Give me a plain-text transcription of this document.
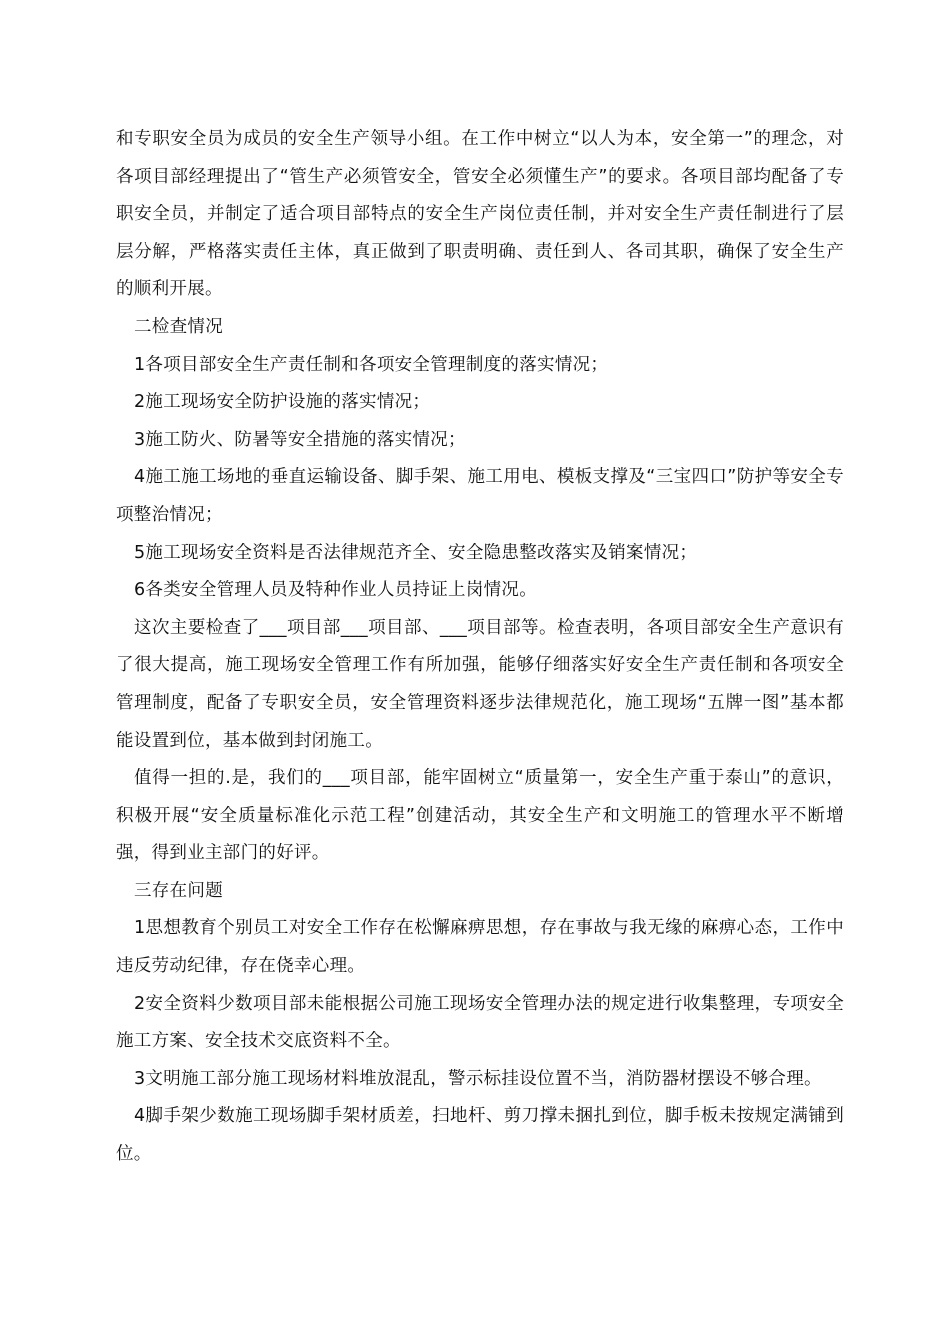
和专职安全员为成员的安全生产领导小组。在工作中树立“以人为本，安全第一”的理念，对各项目部经理提出了“管生产必须管安全，管安全必须懂生产”的要求。各项目部均配备了专职安全员，并制定了适合项目部特点的安全生产岗位责任制，并对安全生产责任制进行了层层分解，严格落实责任主体，真正做到了职责明确、责任到人、各司其职，确保了安全生产的顺利开展。

二检查情况

1各项目部安全生产责任制和各项安全管理制度的落实情况；

2施工现场安全防护设施的落实情况；

3施工防火、防暑等安全措施的落实情况；

4施工施工场地的垂直运输设备、脚手架、施工用电、模板支撑及“三宝四口”防护等安全专项整治情况；

5施工现场安全资料是否法律规范齐全、安全隐患整改落实及销案情况；

6各类安全管理人员及特种作业人员持证上岗情况。

这次主要检查了___项目部___项目部、___项目部等。检查表明，各项目部安全生产意识有了很大提高，施工现场安全管理工作有所加强，能够仔细落实好安全生产责任制和各项安全管理制度，配备了专职安全员，安全管理资料逐步法律规范化，施工现场“五牌一图”基本都能设置到位，基本做到封闭施工。

值得一担的.是，我们的___项目部，能牢固树立“质量第一，安全生产重于泰山”的意识，积极开展“安全质量标准化示范工程”创建活动，其安全生产和文明施工的管理水平不断增强，得到业主部门的好评。

三存在问题

1思想教育个别员工对安全工作存在松懈麻痹思想，存在事故与我无缘的麻痹心态，工作中违反劳动纪律，存在侥幸心理。

2安全资料少数项目部未能根据公司施工现场安全管理办法的规定进行收集整理，专项安全施工方案、安全技术交底资料不全。

3文明施工部分施工现场材料堆放混乱，警示标挂设位置不当，消防器材摆设不够合理。

4脚手架少数施工现场脚手架材质差，扫地杆、剪刀撑未捆扎到位，脚手板未按规定满铺到位。
